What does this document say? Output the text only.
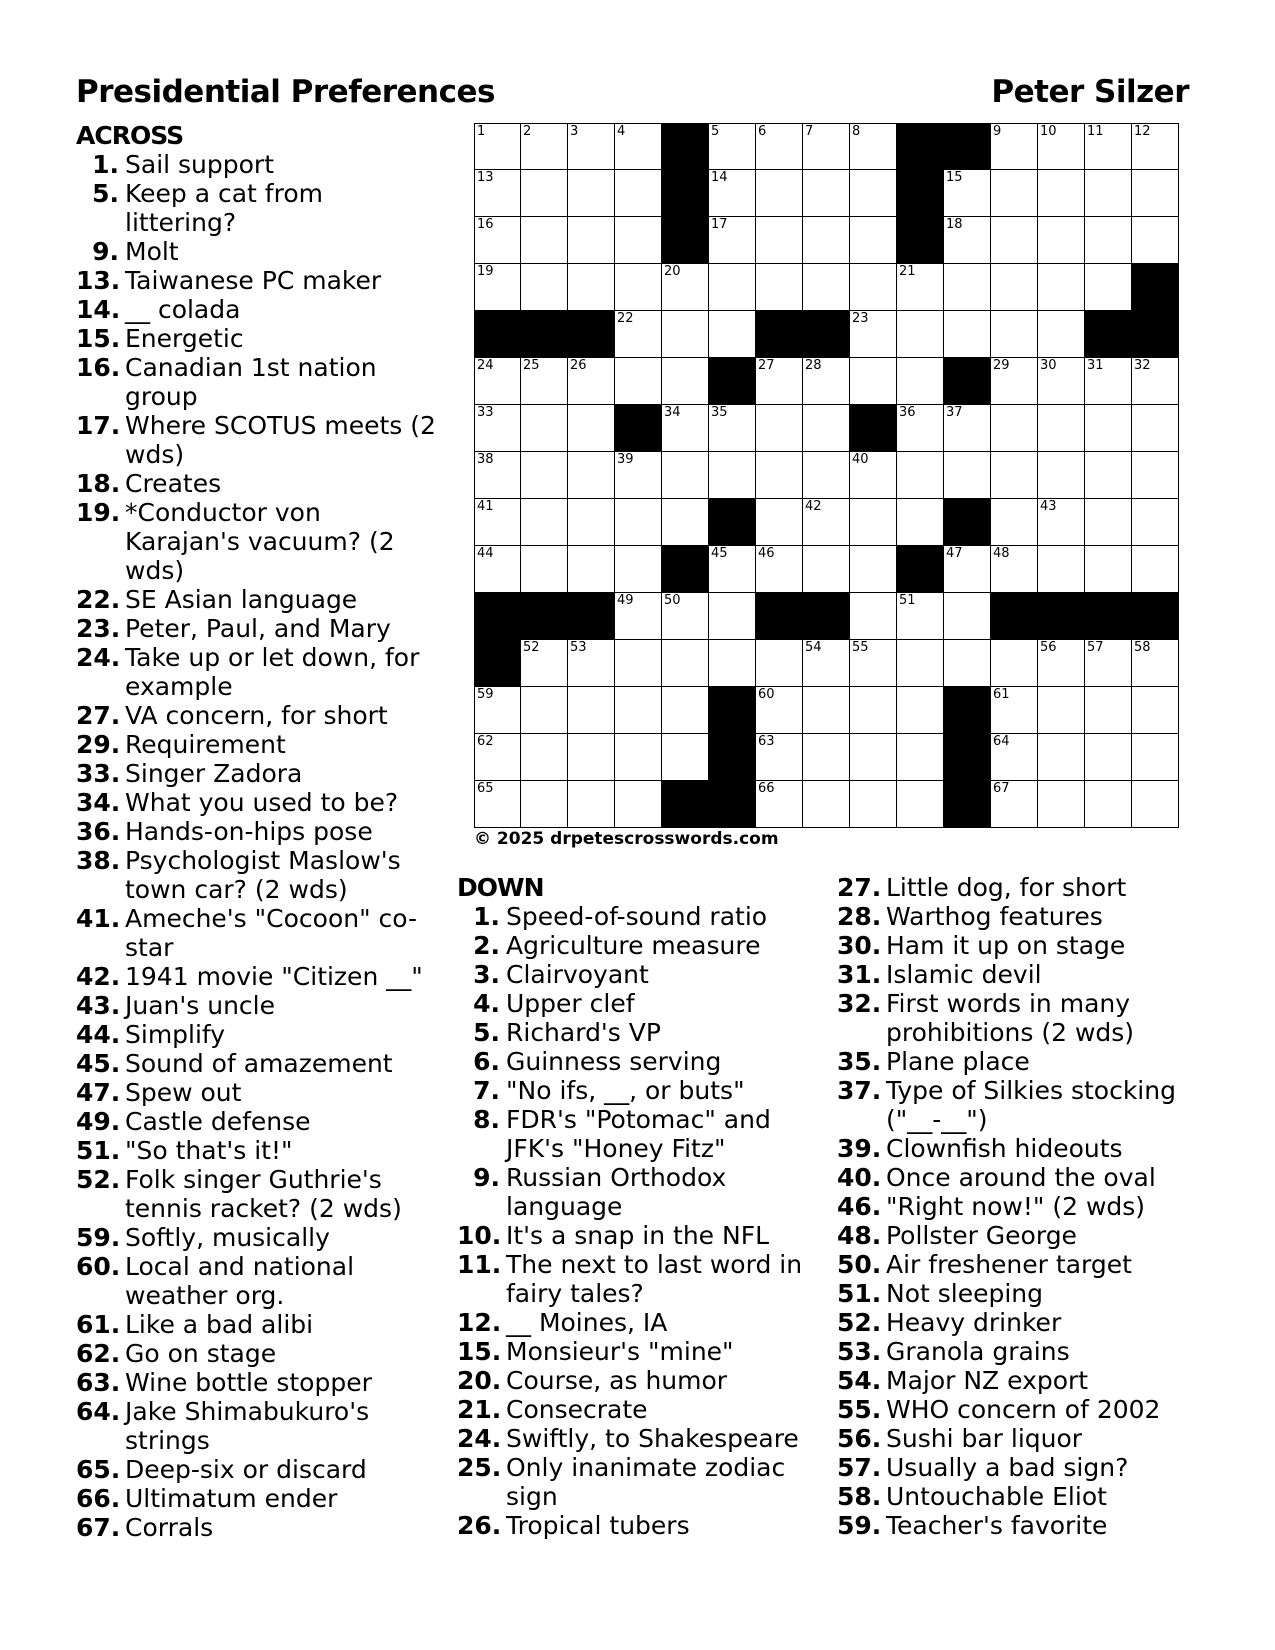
Presidential Preferences	Peter Silzer
ACROSS
1. Sail support
5. Keep a cat from littering?
9. Molt
13. Taiwanese PC maker
14. __ colada
15. Energetic
16. Canadian 1st nation group
17. Where SCOTUS meets (2 wds)
18. Creates
19. *Conductor von Karajan's vacuum? (2 wds)
22. SE Asian language
23. Peter, Paul, and Mary
24. Take up or let down, for example
27. VA concern, for short
29. Requirement
33. Singer Zadora
34. What you used to be?
36. Hands-on-hips pose
38. Psychologist Maslow's town car? (2 wds)
41. Ameche's "Cocoon" co-star
42. 1941 movie "Citizen __"
43. Juan's uncle
44. Simplify
45. Sound of amazement
47. Spew out
49. Castle defense
51. "So that's it!"
52. Folk singer Guthrie's tennis racket? (2 wds)
59. Softly, musically
60. Local and national weather org.
61. Like a bad alibi
62. Go on stage
63. Wine bottle stopper
64. Jake Shimabukuro's strings
65. Deep-six or discard
66. Ultimatum ender
67. Corrals
1	2	3	4	5	6	7	8	9	10 11 12
13	14	15
16	17	18
19	20	21
22	23
24 25 26	27 28	29 30 31 32
33	34 35	36 37
38	39	40
41	42	43
44	45 46	47 48
49 50	51
52 53	54 55	56 57 58
59	60	61
62	63	64
65	66	67
© 2025 drpetescrosswords.com
DOWN
1. Speed-of-sound ratio
2. Agriculture measure
3. Clairvoyant
4. Upper clef
5. Richard's VP
6. Guinness serving
7. "No ifs, __, or buts"
8. FDR's "Potomac" and JFK's "Honey Fitz"
9. Russian Orthodox language
10. It's a snap in the NFL
11. The next to last word in fairy tales?
12. __ Moines, IA
15. Monsieur's "mine"
20. Course, as humor
21. Consecrate
24. Swiftly, to Shakespeare
25. Only inanimate zodiac sign
26. Tropical tubers
27. Little dog, for short
28. Warthog features
30. Ham it up on stage
31. Islamic devil
32. First words in many prohibitions (2 wds)
35. Plane place
37. Type of Silkies stocking ("__-__")
39. Clownfish hideouts
40. Once around the oval
46. "Right now!" (2 wds)
48. Pollster George
50. Air freshener target
51. Not sleeping
52. Heavy drinker
53. Granola grains
54. Major NZ export
55. WHO concern of 2002
56. Sushi bar liquor
57. Usually a bad sign?
58. Untouchable Eliot
59. Teacher's favorite
